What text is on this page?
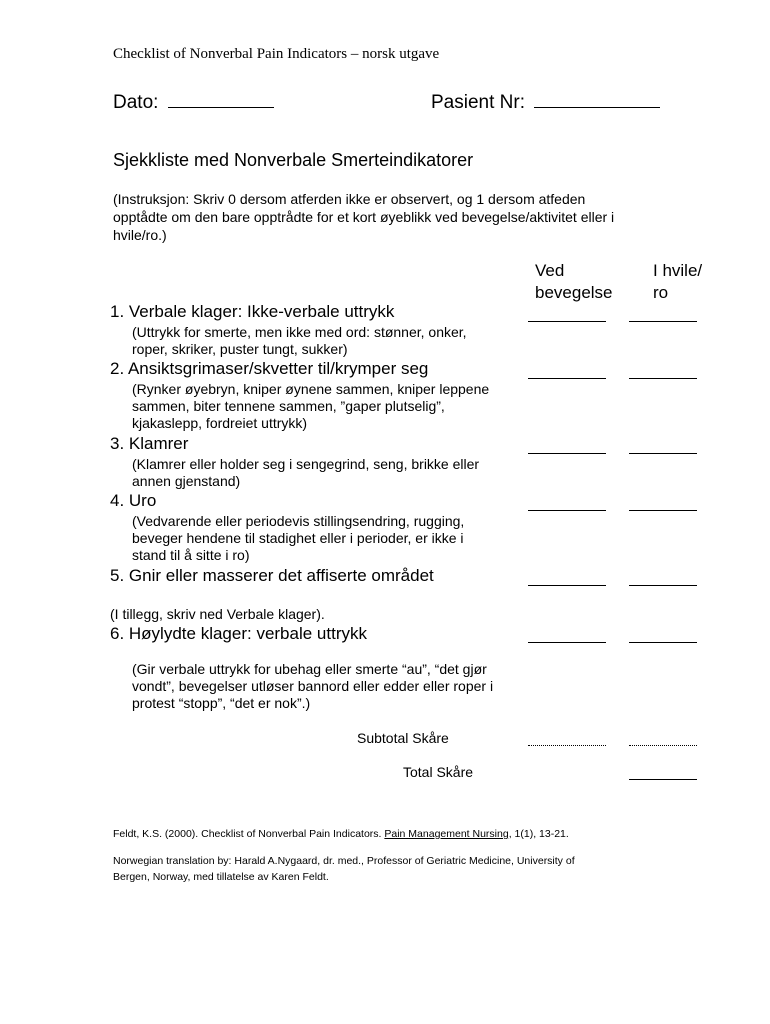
Checklist of Nonverbal Pain Indicators – norsk utgave
Dato:	Pasient Nr:
Sjekkliste med Nonverbale Smerteindikatorer
(Instruksjon: Skriv 0 dersom atferden ikke er observert, og 1 dersom atfeden
opptådte om den bare opptrådte for et kort øyeblikk ved bevegelse/aktivitet eller i
hvile/ro.)
Ved
bevegelse
I hvile/
ro
1. Verbale klager: Ikke-verbale uttrykk
(Uttrykk for smerte, men ikke med ord: stønner, onker,
roper, skriker, puster tungt, sukker)
2. Ansiktsgrimaser/skvetter til/krymper seg
(Rynker øyebryn, kniper øynene sammen, kniper leppene
sammen, biter tennene sammen, ”gaper plutselig”,
kjakaslepp, fordreiet uttrykk)
3. Klamrer
(Klamrer eller holder seg i sengegrind, seng, brikke eller
annen gjenstand)
4. Uro
(Vedvarende eller periodevis stillingsendring, rugging,
beveger hendene til stadighet eller i perioder, er ikke i
stand til å sitte i ro)
5. Gnir eller masserer det affiserte området
(I tillegg, skriv ned Verbale klager).
6. Høylydte klager: verbale uttrykk
(Gir verbale uttrykk for ubehag eller smerte “au”, “det gjør
vondt”, bevegelser utløser bannord eller edder eller roper i
protest “stopp”, “det er nok”.)
Subtotal Skåre
Total Skåre
Feldt, K.S. (2000). Checklist of Nonverbal Pain Indicators. Pain Management Nursing, 1(1), 13-21.
Norwegian translation by: Harald A.Nygaard, dr. med., Professor of Geriatric Medicine, University of
Bergen, Norway, med tillatelse av Karen Feldt.
